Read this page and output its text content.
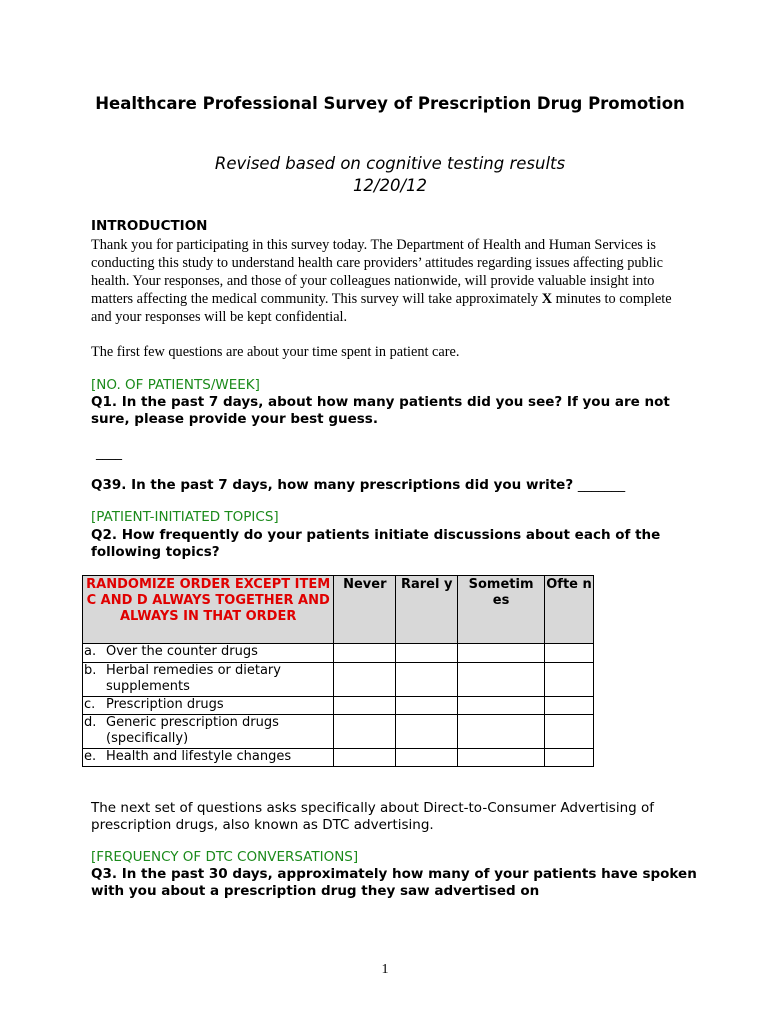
Healthcare Professional Survey of Prescription Drug Promotion
Revised based on cognitive testing results
12/20/12
INTRODUCTION
Thank you for participating in this survey today. The Department of Health and Human Services is conducting this study to understand health care providers’ attitudes regarding issues affecting public health. Your responses, and those of your colleagues nationwide, will provide valuable insight into matters affecting the medical community. This survey will take approximately X minutes to complete and your responses will be kept confidential.
The first few questions are about your time spent in patient care.
[NO. OF PATIENTS/WEEK]
Q1. In the past 7 days, about how many patients did you see? If you are not sure, please provide your best guess.
____
Q39. In the past 7 days, how many prescriptions did you write? _______
[PATIENT-INITIATED TOPICS]
Q2. How frequently do your patients initiate discussions about each of the following topics?
RANDOMIZE ORDER EXCEPT ITEM C AND D ALWAYS TOGETHER AND ALWAYS IN THAT ORDER	Never	Rarel y	Sometim es	Ofte n

a. Over the counter drugs				

b. Herbal remedies or dietary supplements				

c. Prescription drugs				

d. Generic prescription drugs (specifically)				

e. Health and lifestyle changes				

The next set of questions asks specifically about Direct-to-Consumer Advertising of prescription drugs, also known as DTC advertising.
[FREQUENCY OF DTC CONVERSATIONS]
Q3. In the past 30 days, approximately how many of your patients have spoken with you about a prescription drug they saw advertised on
1
